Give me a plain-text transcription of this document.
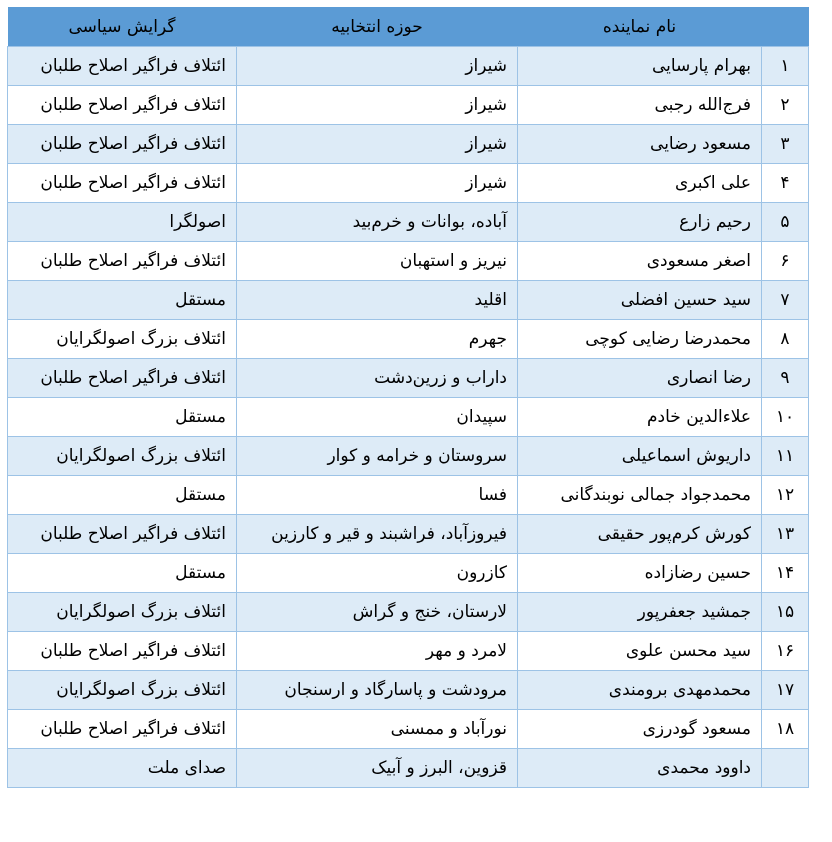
	نام نماینده	حوزه انتخابیه	گرایش سیاسی
۱	بهرام پارسایی	شیراز	ائتلاف فراگیر اصلاح طلبان
۲	فرج‌الله رجبی	شیراز	ائتلاف فراگیر اصلاح طلبان
۳	مسعود رضایی	شیراز	ائتلاف فراگیر اصلاح طلبان
۴	علی اکبری	شیراز	ائتلاف فراگیر اصلاح طلبان
۵	رحیم زارع	آباده، بوانات و خرم‌بید	اصولگرا
۶	اصغر مسعودی	نیریز و استهبان	ائتلاف فراگیر اصلاح طلبان
۷	سید حسین افضلی	اقلید	مستقل
۸	محمدرضا رضایی کوچی	جهرم	ائتلاف بزرگ اصولگرایان
۹	رضا انصاری	داراب و زرین‌دشت	ائتلاف فراگیر اصلاح طلبان
۱۰	علاءالدین خادم	سپیدان	مستقل
۱۱	داریوش اسماعیلی	سروستان و خرامه و کوار	ائتلاف بزرگ اصولگرایان
۱۲	محمدجواد جمالی نوبندگانی	فسا	مستقل
۱۳	کورش کرم‌پور حقیقی	فیروزآباد، فراشبند و قیر و کارزین	ائتلاف فراگیر اصلاح طلبان
۱۴	حسین رضازاده	کازرون	مستقل
۱۵	جمشید جعفرپور	لارستان، خنج و گراش	ائتلاف بزرگ اصولگرایان
۱۶	سید محسن علوی	لامرد و مهر	ائتلاف فراگیر اصلاح طلبان
۱۷	محمدمهدی برومندی	مرودشت و پاسارگاد و ارسنجان	ائتلاف بزرگ اصولگرایان
۱۸	مسعود گودرزی	نورآباد و ممسنی	ائتلاف فراگیر اصلاح طلبان
	داوود محمدی	قزوین، البرز و آبیک	صدای ملت
